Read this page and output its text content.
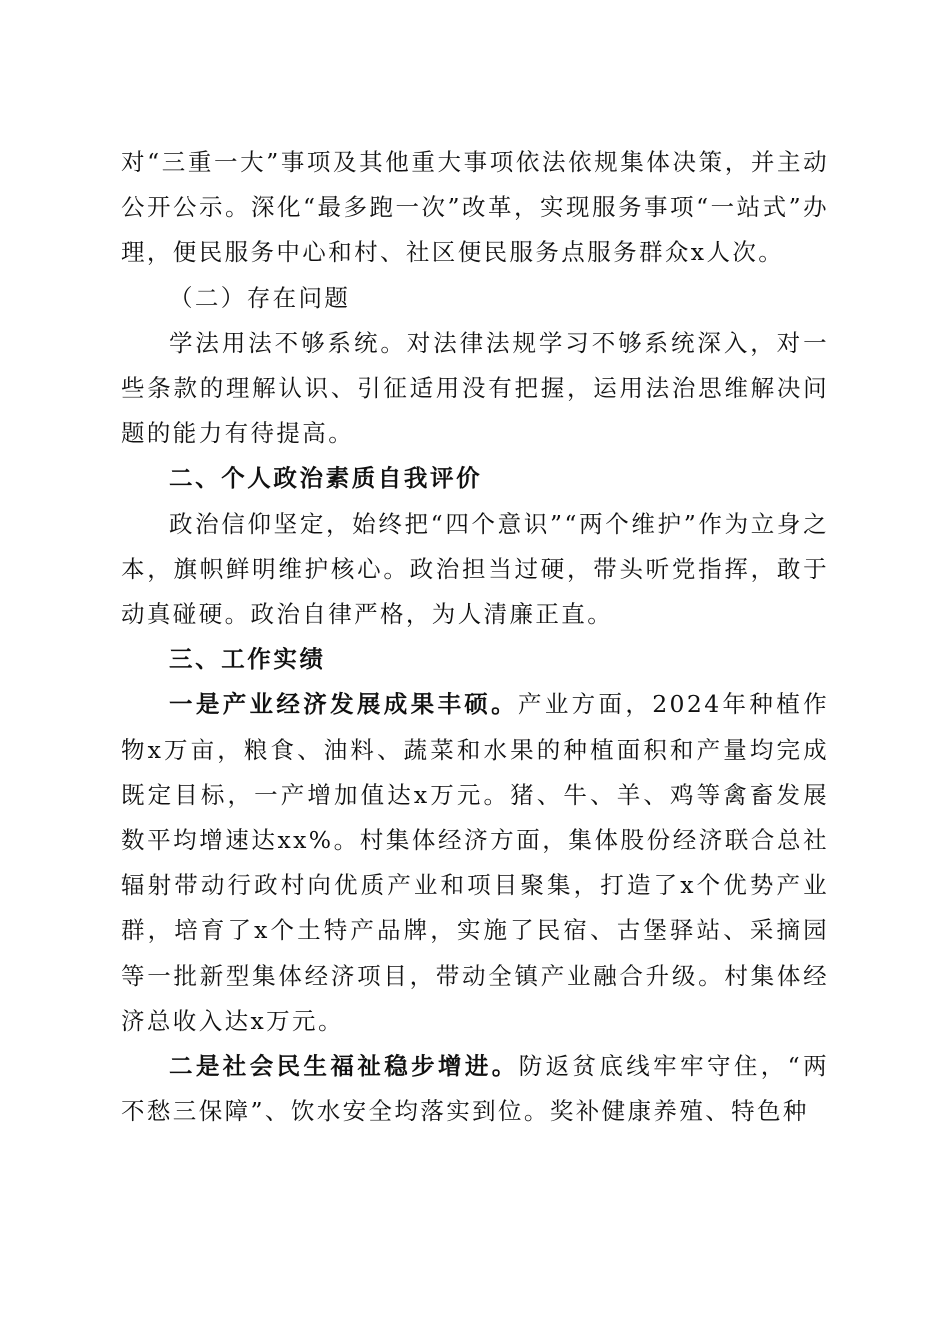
对“三重一大”事项及其他重大事项依法依规集体决策，并主动公开公示。深化“最多跑一次”改革，实现服务事项“一站式”办理，便民服务中心和村、社区便民服务点服务群众x人次。

（二）存在问题

学法用法不够系统。对法律法规学习不够系统深入，对一些条款的理解认识、引征适用没有把握，运用法治思维解决问题的能力有待提高。

二、个人政治素质自我评价

政治信仰坚定，始终把“四个意识”“两个维护”作为立身之本，旗帜鲜明维护核心。政治担当过硬，带头听党指挥，敢于动真碰硬。政治自律严格，为人清廉正直。

三、工作实绩

一是产业经济发展成果丰硕。产业方面，2024年种植作物x万亩，粮食、油料、蔬菜和水果的种植面积和产量均完成既定目标，一产增加值达x万元。猪、牛、羊、鸡等禽畜发展数平均增速达xx%。村集体经济方面，集体股份经济联合总社辐射带动行政村向优质产业和项目聚集，打造了x个优势产业群，培育了x个土特产品牌，实施了民宿、古堡驿站、采摘园等一批新型集体经济项目，带动全镇产业融合升级。村集体经济总收入达x万元。

二是社会民生福祉稳步增进。防返贫底线牢牢守住，“两不愁三保障”、饮水安全均落实到位。奖补健康养殖、特色种
